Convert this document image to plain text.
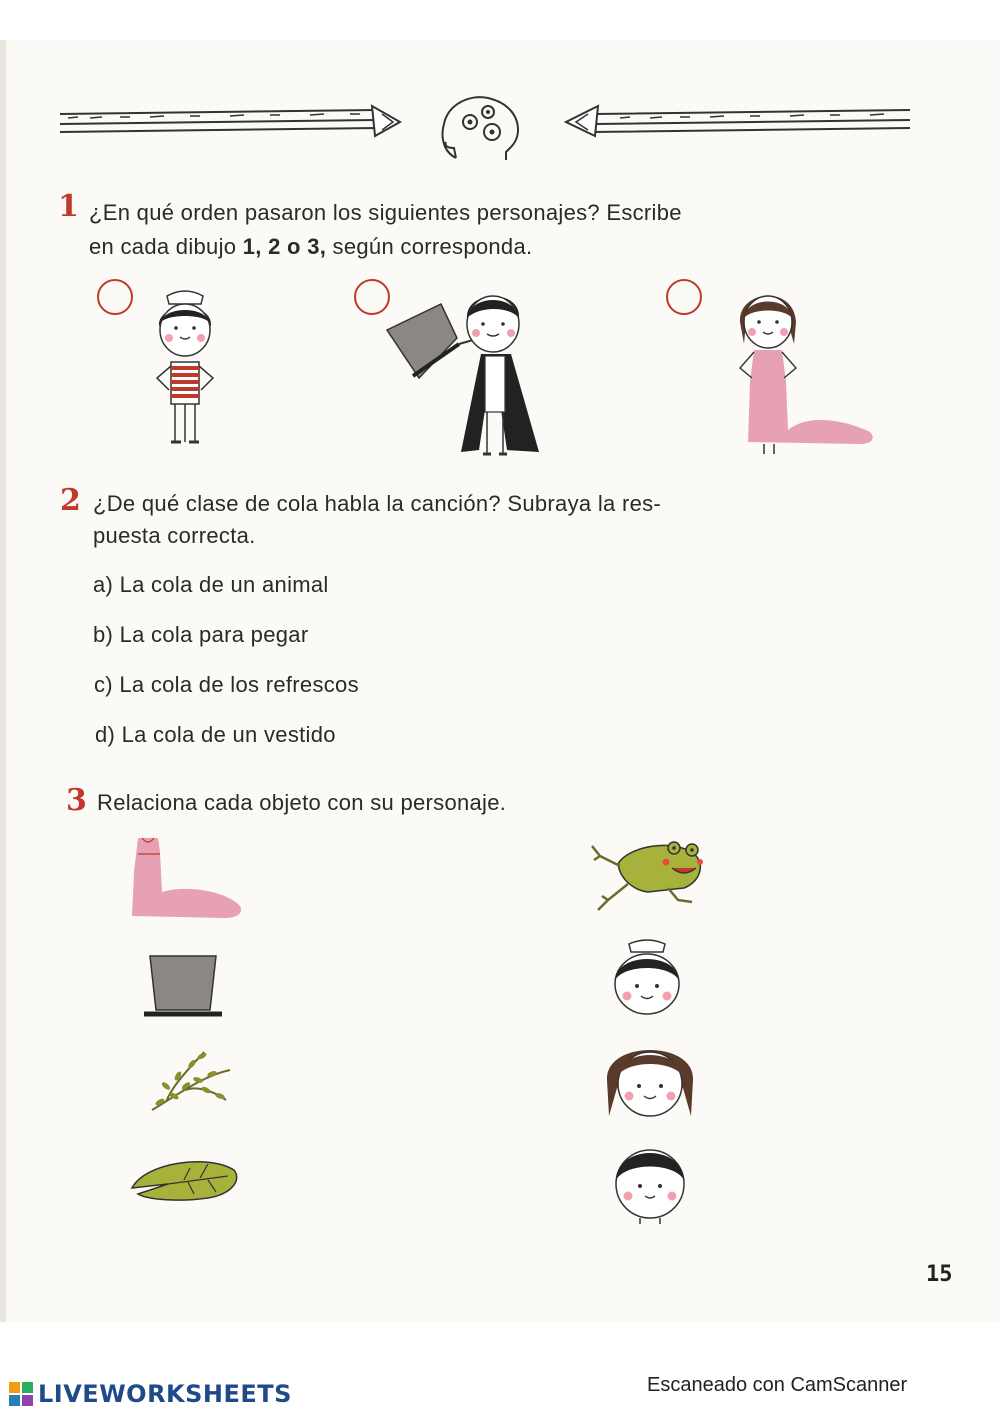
1 ¿En qué orden pasaron los siguientes personajes? Escribe
en cada dibujo 1, 2 o 3, según corresponda.
2 ¿De qué clase de cola habla la canción? Subraya la res-
puesta correcta.
a) La cola de un animal
b) La cola para pegar
c) La cola de los refrescos
d) La cola de un vestido
3 Relaciona cada objeto con su personaje.
15
LIVEWORKSHEETS	Escaneado con CamScanner
